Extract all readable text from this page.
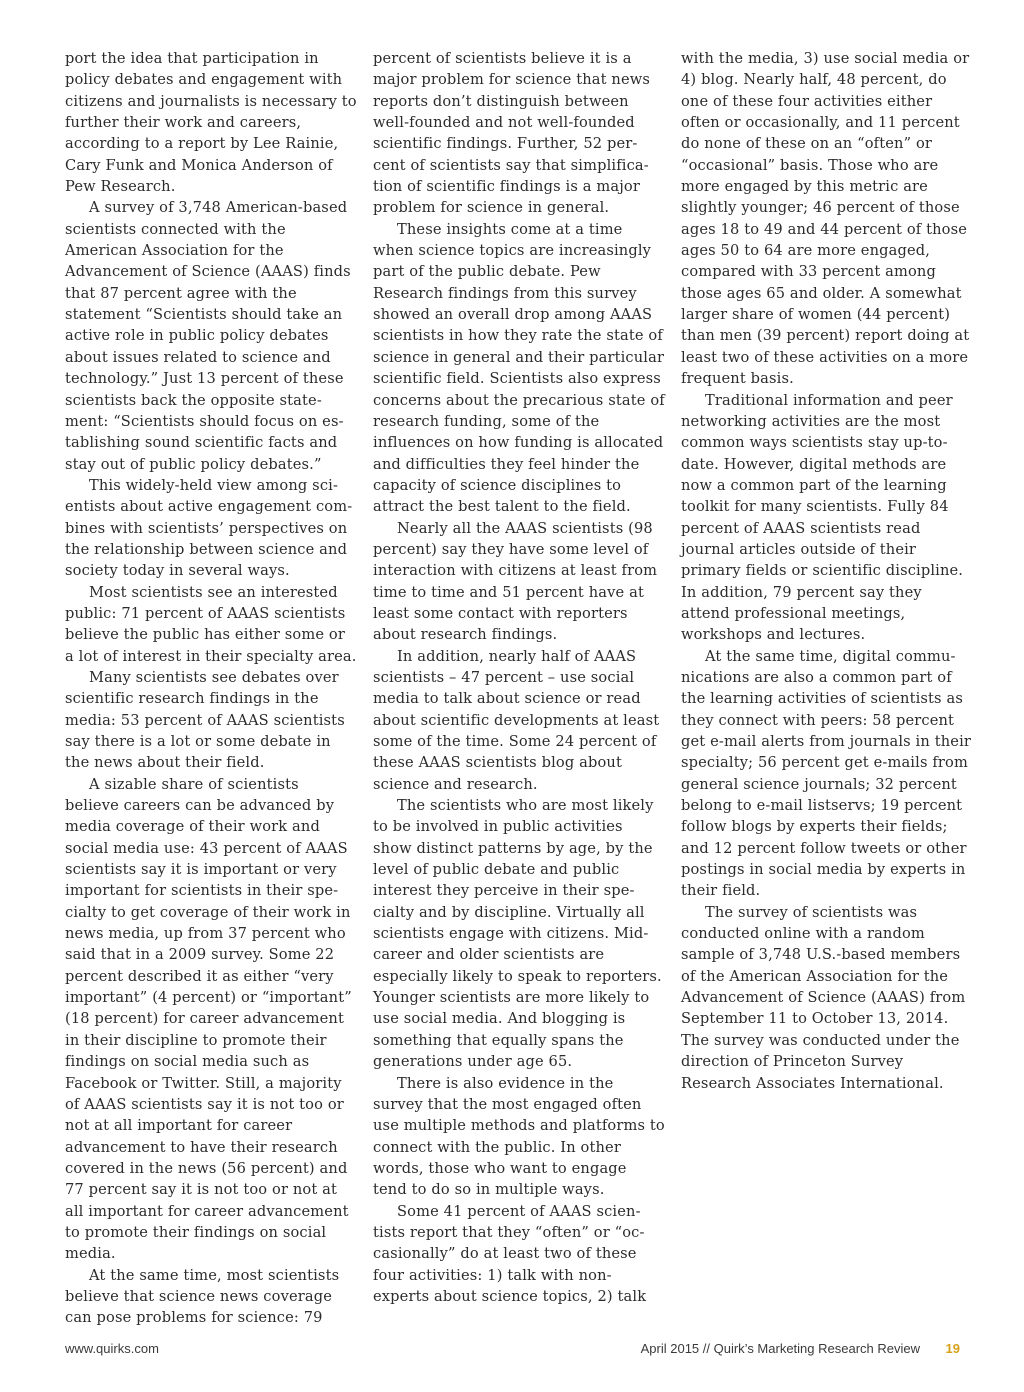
port the idea that participation in policy debates and engagement with citizens and journalists is necessary to further their work and careers, according to a report by Lee Rainie, Cary Funk and Monica Anderson of Pew Research.

A survey of 3,748 American-based scientists connected with the American Association for the Advancement of Science (AAAS) finds that 87 percent agree with the statement “Scientists should take an active role in public policy debates about issues related to science and technology.” Just 13 percent of these scientists back the opposite statement: “Scientists should focus on establishing sound scientific facts and stay out of public policy debates.”

This widely-held view among scientists about active engagement combines with scientists’ perspectives on the relationship between science and society today in several ways.

Most scientists see an interested public: 71 percent of AAAS scientists believe the public has either some or a lot of interest in their specialty area.

Many scientists see debates over scientific research findings in the media: 53 percent of AAAS scientists say there is a lot or some debate in the news about their field.

A sizable share of scientists believe careers can be advanced by media coverage of their work and social media use: 43 percent of AAAS scientists say it is important or very important for scientists in their specialty to get coverage of their work in news media, up from 37 percent who said that in a 2009 survey. Some 22 percent described it as either “very important” (4 percent) or “important” (18 percent) for career advancement in their discipline to promote their findings on social media such as Facebook or Twitter. Still, a majority of AAAS scientists say it is not too or not at all important for career advancement to have their research covered in the news (56 percent) and 77 percent say it is not too or not at all important for career advancement to promote their findings on social media.

At the same time, most scientists believe that science news coverage can pose problems for science: 79

percent of scientists believe it is a major problem for science that news reports don’t distinguish between well-founded and not well-founded scientific findings. Further, 52 percent of scientists say that simplification of scientific findings is a major problem for science in general.

These insights come at a time when science topics are increasingly part of the public debate. Pew Research findings from this survey showed an overall drop among AAAS scientists in how they rate the state of science in general and their particular scientific field. Scientists also express concerns about the precarious state of research funding, some of the influences on how funding is allocated and difficulties they feel hinder the capacity of science disciplines to attract the best talent to the field.

Nearly all the AAAS scientists (98 percent) say they have some level of interaction with citizens at least from time to time and 51 percent have at least some contact with reporters about research findings.

In addition, nearly half of AAAS scientists – 47 percent – use social media to talk about science or read about scientific developments at least some of the time. Some 24 percent of these AAAS scientists blog about science and research.

The scientists who are most likely to be involved in public activities show distinct patterns by age, by the level of public debate and public interest they perceive in their specialty and by discipline. Virtually all scientists engage with citizens. Mid-career and older scientists are especially likely to speak to reporters. Younger scientists are more likely to use social media. And blogging is something that equally spans the generations under age 65.

There is also evidence in the survey that the most engaged often use multiple methods and platforms to connect with the public. In other words, those who want to engage tend to do so in multiple ways.

Some 41 percent of AAAS scientists report that they “often” or “occasionally” do at least two of these four activities: 1) talk with non-experts about science topics, 2) talk

with the media, 3) use social media or 4) blog. Nearly half, 48 percent, do one of these four activities either often or occasionally, and 11 percent do none of these on an “often” or “occasional” basis. Those who are more engaged by this metric are slightly younger; 46 percent of those ages 18 to 49 and 44 percent of those ages 50 to 64 are more engaged, compared with 33 percent among those ages 65 and older. A somewhat larger share of women (44 percent) than men (39 percent) report doing at least two of these activities on a more frequent basis.

Traditional information and peer networking activities are the most common ways scientists stay up-to-date. However, digital methods are now a common part of the learning toolkit for many scientists. Fully 84 percent of AAAS scientists read journal articles outside of their primary fields or scientific discipline. In addition, 79 percent say they attend professional meetings, workshops and lectures.

At the same time, digital communications are also a common part of the learning activities of scientists as they connect with peers: 58 percent get e-mail alerts from journals in their specialty; 56 percent get e-mails from general science journals; 32 percent belong to e-mail listservs; 19 percent follow blogs by experts their fields; and 12 percent follow tweets or other postings in social media by experts in their field.

The survey of scientists was conducted online with a random sample of 3,748 U.S.-based members of the American Association for the Advancement of Science (AAAS) from September 11 to October 13, 2014. The survey was conducted under the direction of Princeton Survey Research Associates International.

www.quirks.com	April 2015 // Quirk’s Marketing Research Review 19
